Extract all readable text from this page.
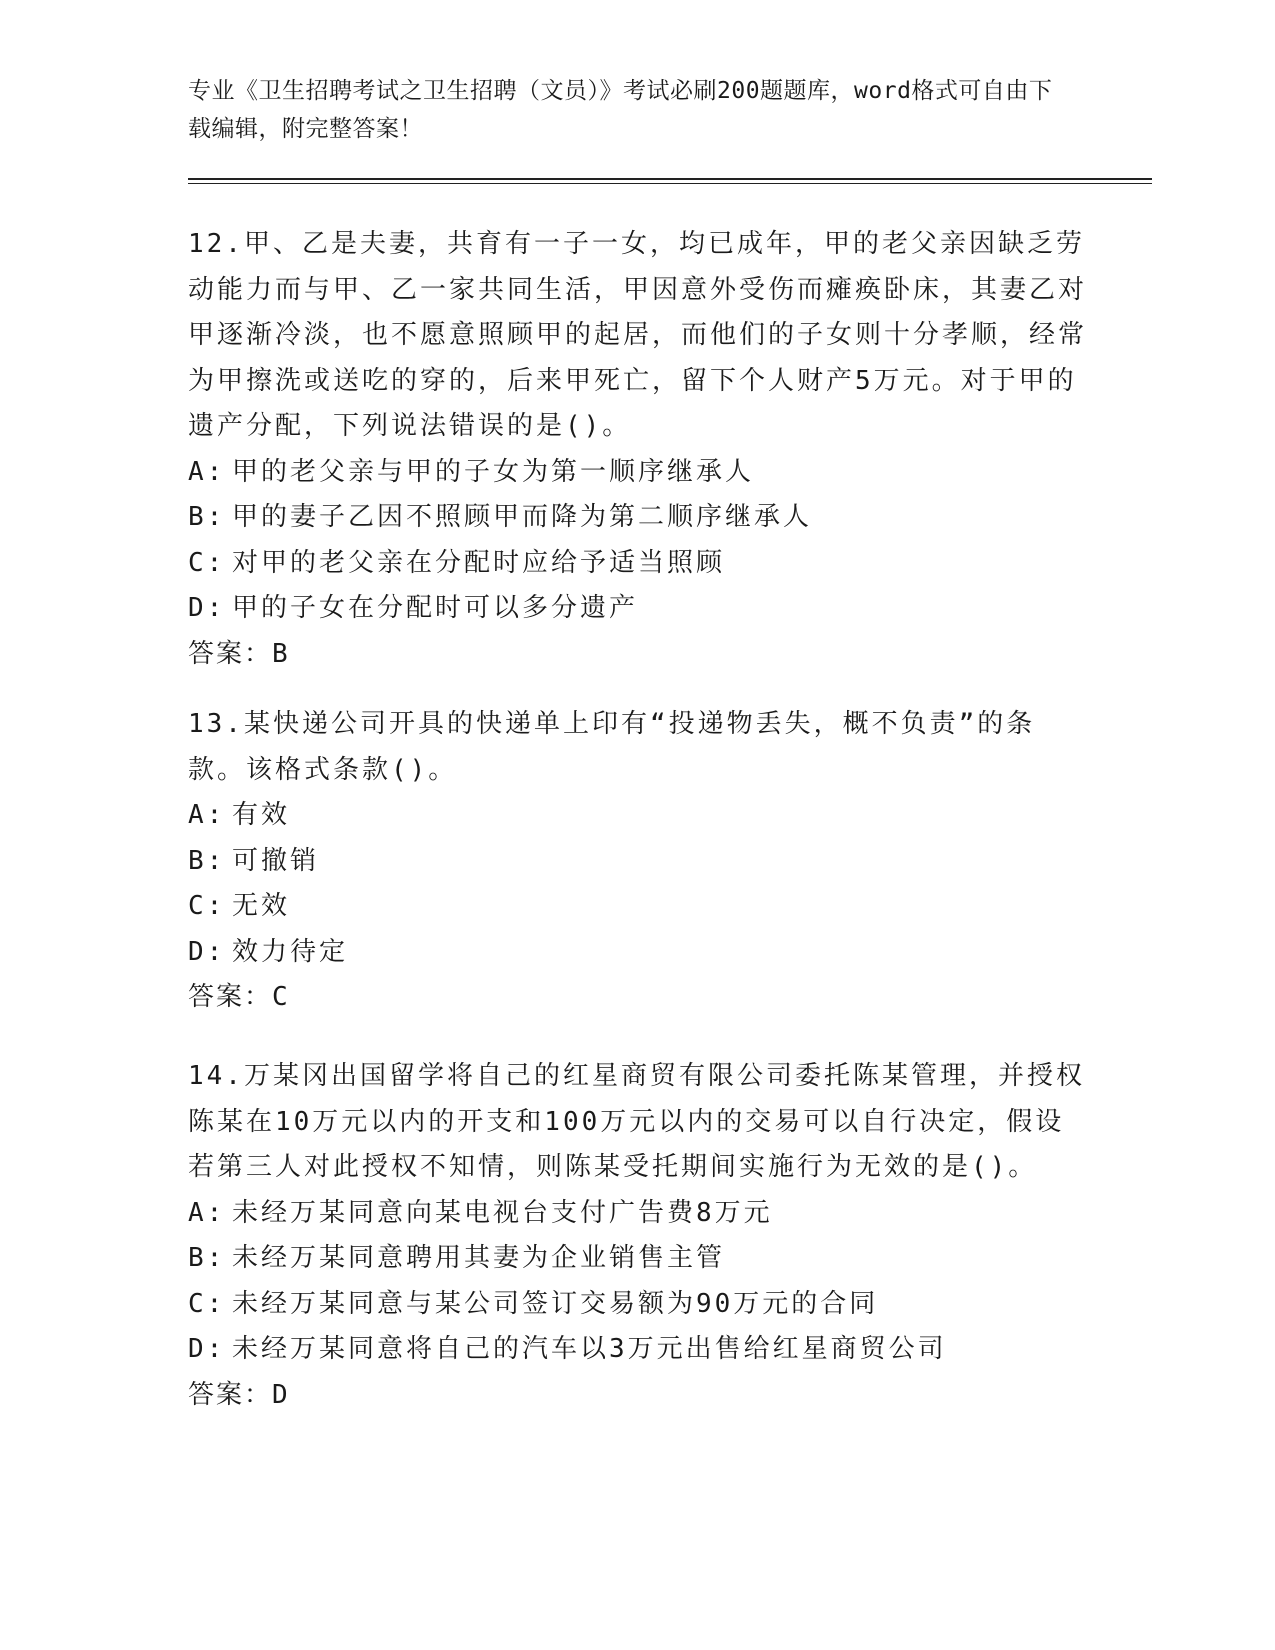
专业《卫生招聘考试之卫生招聘（文员）》考试必刷200题题库，word格式可自由下载编辑，附完整答案！
12.甲、乙是夫妻，共育有一子一女，均已成年，甲的老父亲因缺乏劳动能力而与甲、乙一家共同生活，甲因意外受伤而瘫痪卧床，其妻乙对甲逐渐冷淡，也不愿意照顾甲的起居，而他们的子女则十分孝顺，经常为甲擦洗或送吃的穿的，后来甲死亡，留下个人财产5万元。对于甲的遗产分配，下列说法错误的是()。
A: 甲的老父亲与甲的子女为第一顺序继承人
B: 甲的妻子乙因不照顾甲而降为第二顺序继承人
C: 对甲的老父亲在分配时应给予适当照顾
D: 甲的子女在分配时可以多分遗产
答案：B
13.某快递公司开具的快递单上印有“投递物丢失，概不负责”的条款。该格式条款()。
A: 有效
B: 可撤销
C: 无效
D: 效力待定
答案：C
14.万某冈出国留学将自己的红星商贸有限公司委托陈某管理，并授权陈某在10万元以内的开支和100万元以内的交易可以自行决定，假设若第三人对此授权不知情，则陈某受托期间实施行为无效的是()。
A: 未经万某同意向某电视台支付广告费8万元
B: 未经万某同意聘用其妻为企业销售主管
C: 未经万某同意与某公司签订交易额为90万元的合同
D: 未经万某同意将自己的汽车以3万元出售给红星商贸公司
答案：D
